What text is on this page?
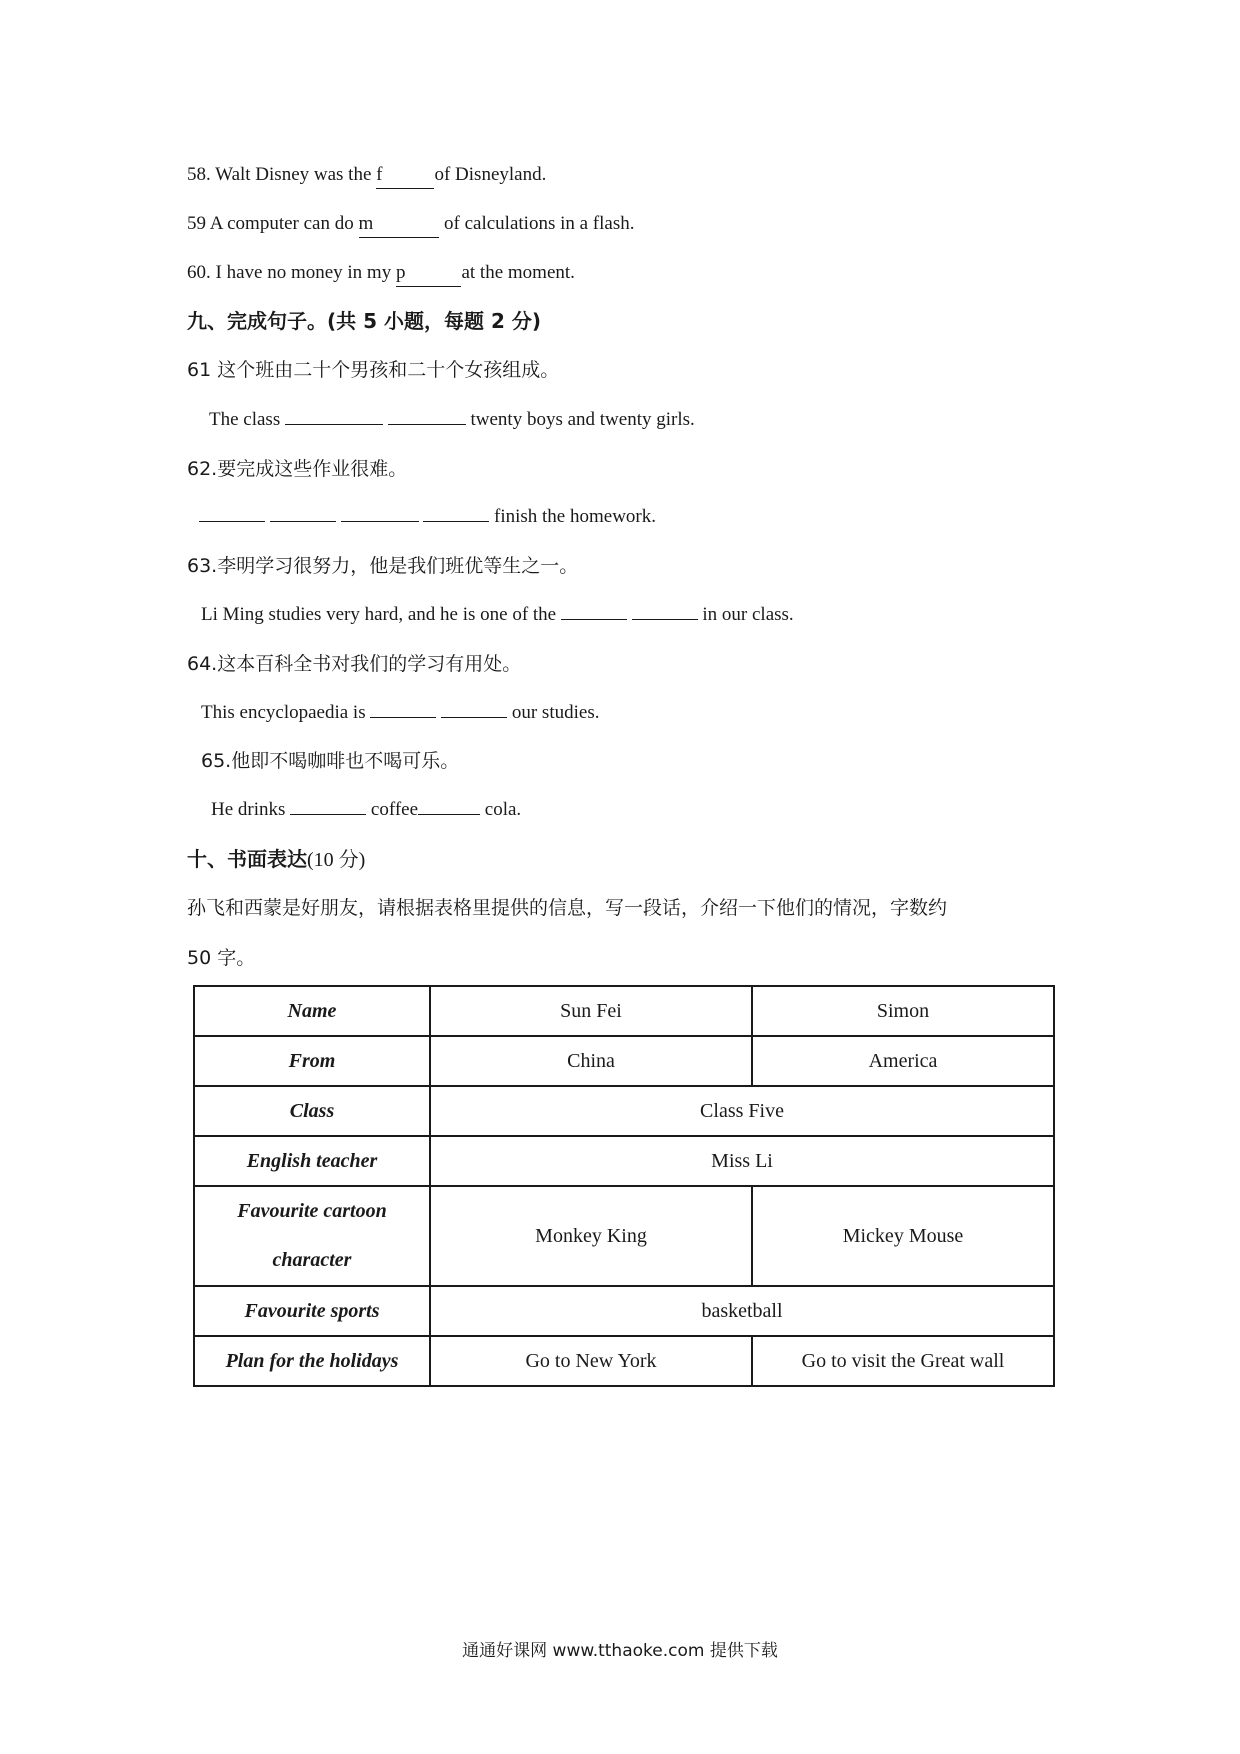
58. Walt Disney was the f	of Disneyland.
59 A computer can do m	of calculations in a flash.
60. I have no money in my p	at the moment.
九、完成句子。(共 5 小题，每题 2 分)
61 这个班由二十个男孩和二十个女孩组成。
The class	twenty boys and twenty girls.
62.要完成这些作业很难。
finish the homework.
63.李明学习很努力，他是我们班优等生之一。
Li Ming studies very hard, and he is one of the	in our class.
64.这本百科全书对我们的学习有用处。
This encyclopaedia is	our studies.
65.他即不喝咖啡也不喝可乐。
He drinks	coffee	cola.
十、书面表达(10 分)
孙飞和西蒙是好朋友，请根据表格里提供的信息，写一段话，介绍一下他们的情况，字数约
50 字。
Name	Sun Fei	Simon
From	China	America
Class	Class Five	
English teacher	Miss Li	
Favourite cartoon
character	Monkey King	Mickey Mouse
Favourite sports	basketball	
Plan for the holidays	Go to New York	Go to visit the Great wall
通通好课网 www.tthaoke.com 提供下载
